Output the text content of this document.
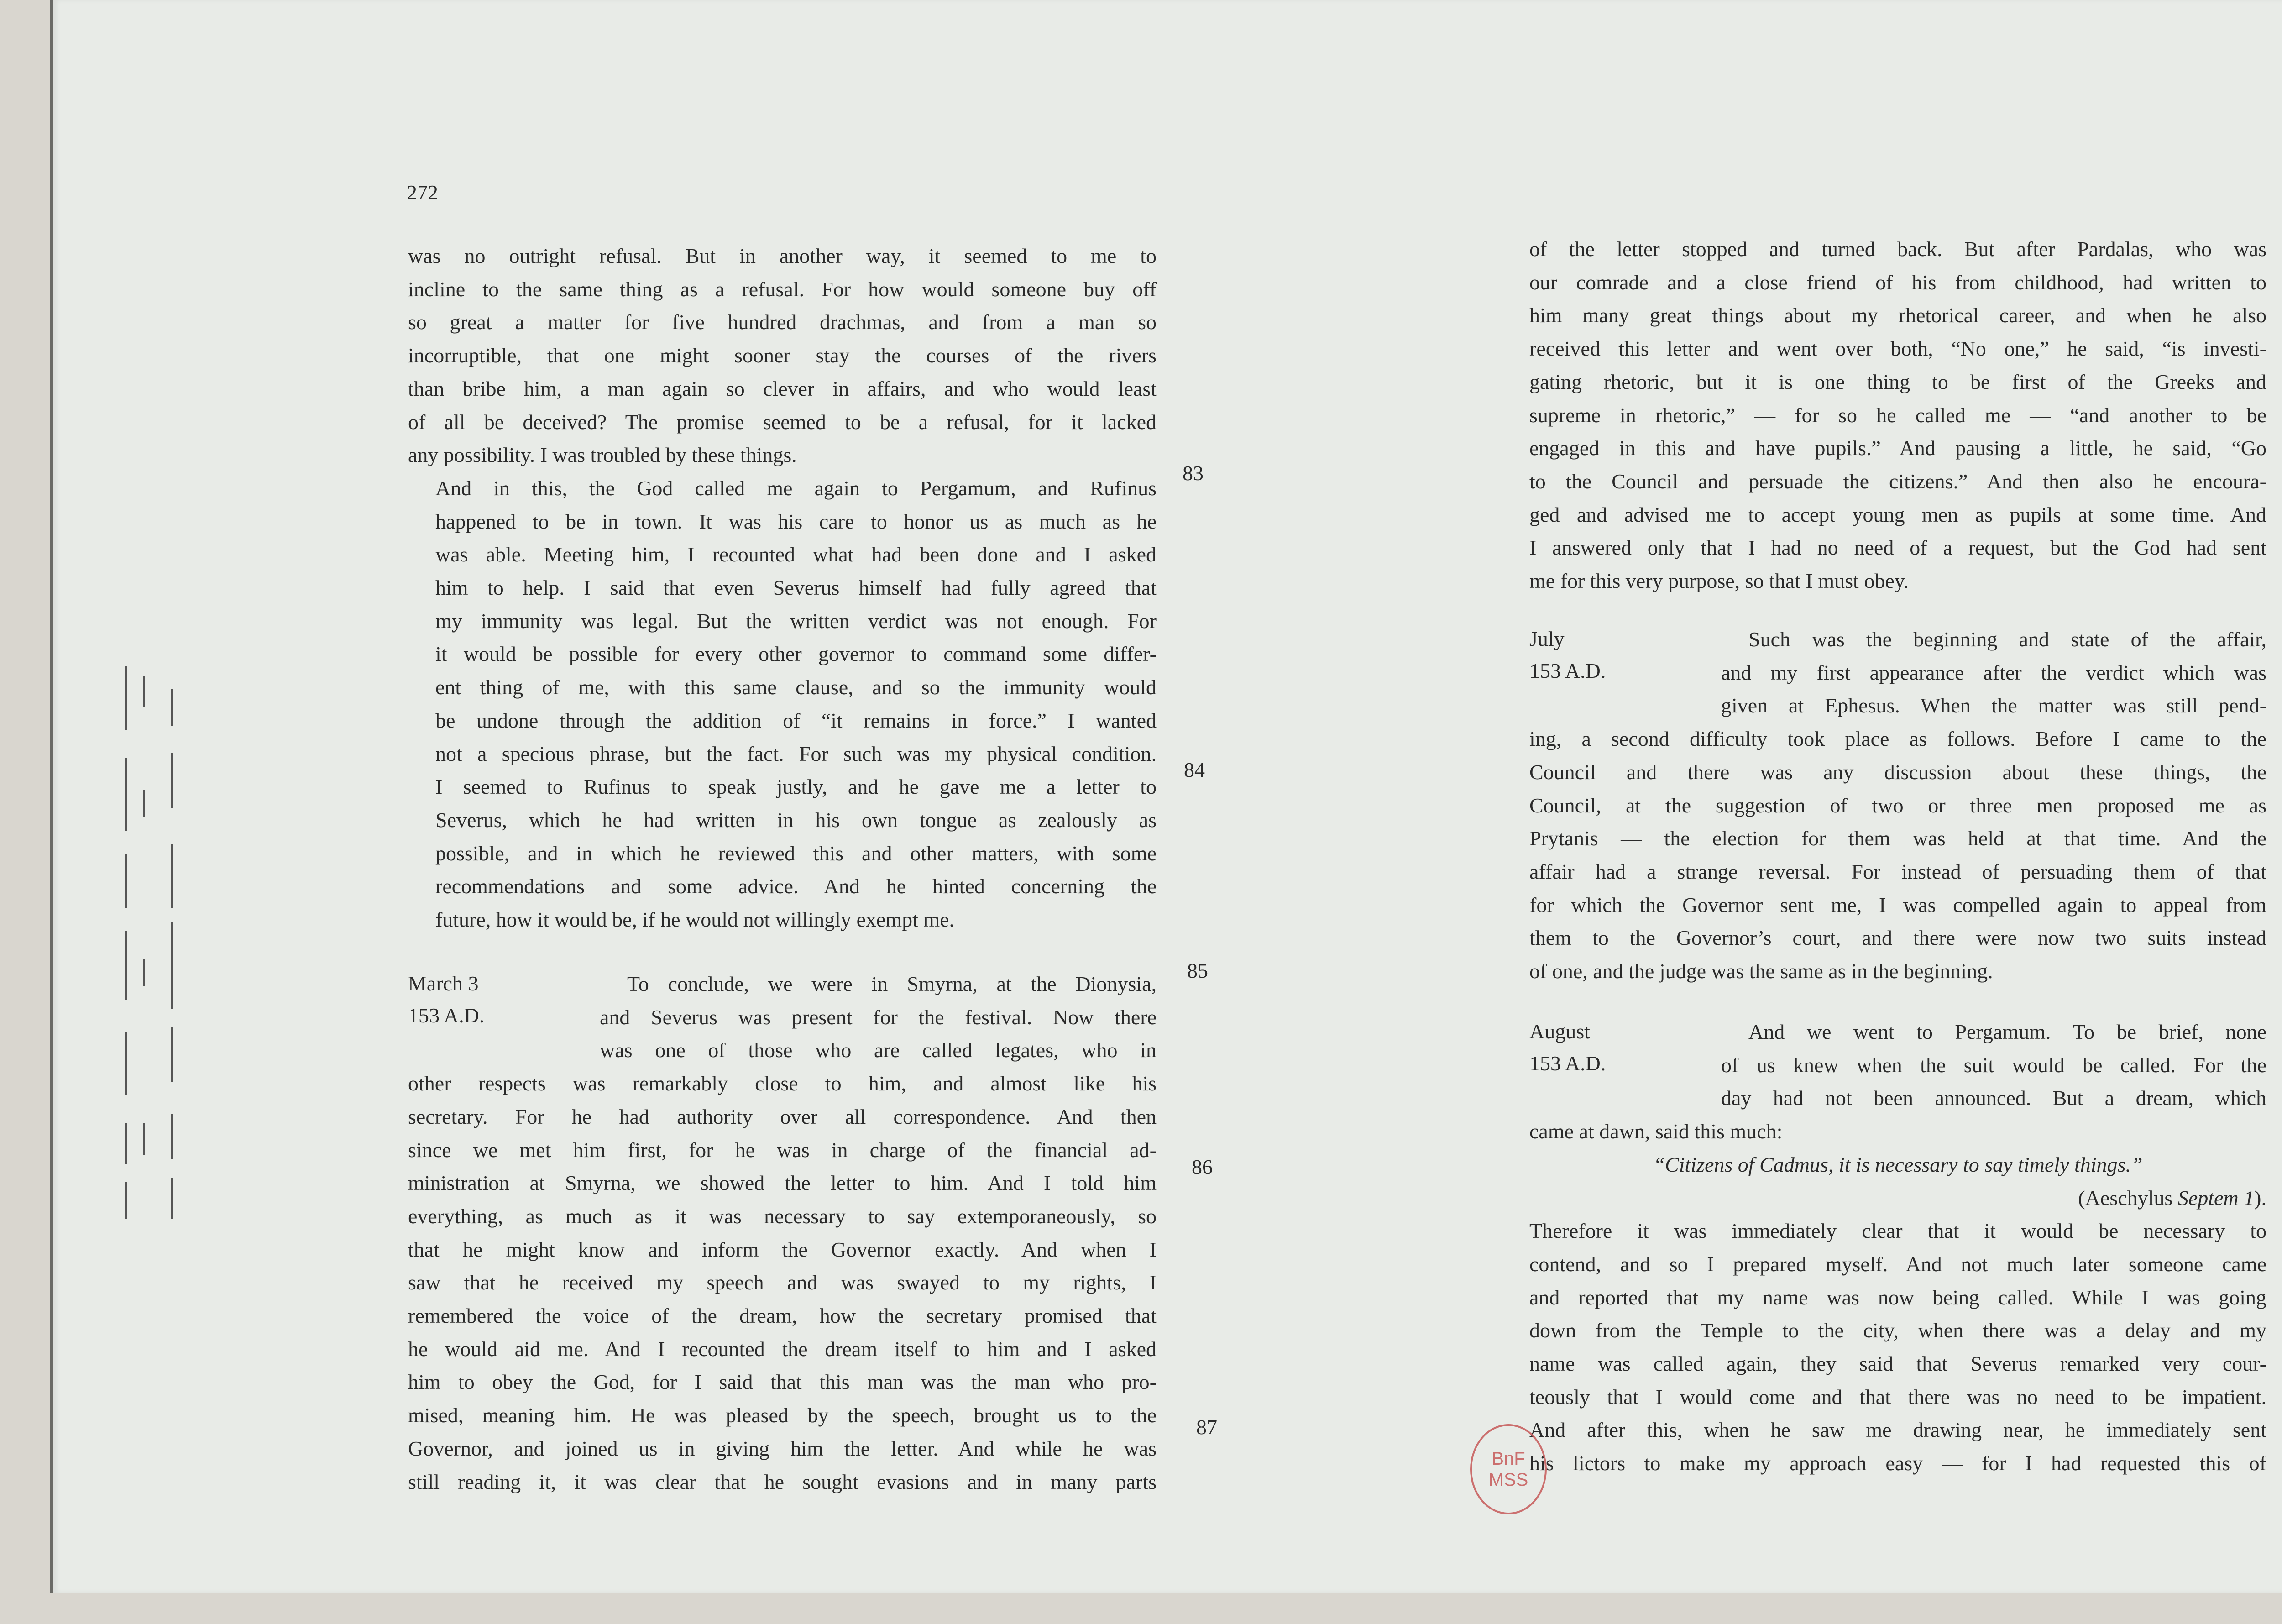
272
was no outright refusal. But in another way, it seemed to me to
incline to the same thing as a refusal. For how would someone buy off
so great a matter for five hundred drachmas, and from a man so
incorruptible, that one might sooner stay the courses of the rivers
than bribe him, a man again so clever in affairs, and who would least
of all be deceived? The promise seemed to be a refusal, for it lacked
any possibility. I was troubled by these things.
And in this, the God called me again to Pergamum, and Rufinus
happened to be in town. It was his care to honor us as much as he
was able. Meeting him, I recounted what had been done and I asked
him to help. I said that even Severus himself had fully agreed that
my immunity was legal. But the written verdict was not enough. For
it would be possible for every other governor to command some differ-
ent thing of me, with this same clause, and so the immunity would
be undone through the addition of “it remains in force.” I wanted
not a specious phrase, but the fact. For such was my physical condition.
I seemed to Rufinus to speak justly, and he gave me a letter to
Severus, which he had written in his own tongue as zealously as
possible, and in which he reviewed this and other matters, with some
recommendations and some advice. And he hinted concerning the
future, how it would be, if he would not willingly exempt me.
March 3
153 A.D.
To conclude, we were in Smyrna, at the Dionysia,
and Severus was present for the festival. Now there
was one of those who are called legates, who in
other respects was remarkably close to him, and almost like his
secretary. For he had authority over all correspondence. And then
since we met him first, for he was in charge of the financial ad-
ministration at Smyrna, we showed the letter to him. And I told him
everything, as much as it was necessary to say extemporaneously, so
that he might know and inform the Governor exactly. And when I
saw that he received my speech and was swayed to my rights, I
remembered the voice of the dream, how the secretary promised that
he would aid me. And I recounted the dream itself to him and I asked
him to obey the God, for I said that this man was the man who pro-
mised, meaning him. He was pleased by the speech, brought us to the
Governor, and joined us in giving him the letter. And while he was
still reading it, it was clear that he sought evasions and in many parts
83
84
85
86
87
of the letter stopped and turned back. But after Pardalas, who was
our comrade and a close friend of his from childhood, had written to
him many great things about my rhetorical career, and when he also
received this letter and went over both, “No one,” he said, “is investi-
gating rhetoric, but it is one thing to be first of the Greeks and
supreme in rhetoric,” — for so he called me — “and another to be
engaged in this and have pupils.” And pausing a little, he said, “Go
to the Council and persuade the citizens.” And then also he encoura-
ged and advised me to accept young men as pupils at some time. And
I answered only that I had no need of a request, but the God had sent
me for this very purpose, so that I must obey.
July
153 A.D.
Such was the beginning and state of the affair,
and my first appearance after the verdict which was
given at Ephesus. When the matter was still pend-
ing, a second difficulty took place as follows. Before I came to the
Council and there was any discussion about these things, the
Council, at the suggestion of two or three men proposed me as
Prytanis — the election for them was held at that time. And the
affair had a strange reversal. For instead of persuading them of that
for which the Governor sent me, I was compelled again to appeal from
them to the Governor’s court, and there were now two suits instead
of one, and the judge was the same as in the beginning.
August
153 A.D.
And we went to Pergamum. To be brief, none
of us knew when the suit would be called. For the
day had not been announced. But a dream, which
came at dawn, said this much:
“Citizens of Cadmus, it is necessary to say timely things.”
(Aeschylus Septem 1).
Therefore it was immediately clear that it would be necessary to
contend, and so I prepared myself. And not much later someone came
and reported that my name was now being called. While I was going
down from the Temple to the city, when there was a delay and my
name was called again, they said that Severus remarked very cour-
teously that I would come and that there was no need to be impatient.
And after this, when he saw me drawing near, he immediately sent
his lictors to make my approach easy — for I had requested this of
BnF
MSS
